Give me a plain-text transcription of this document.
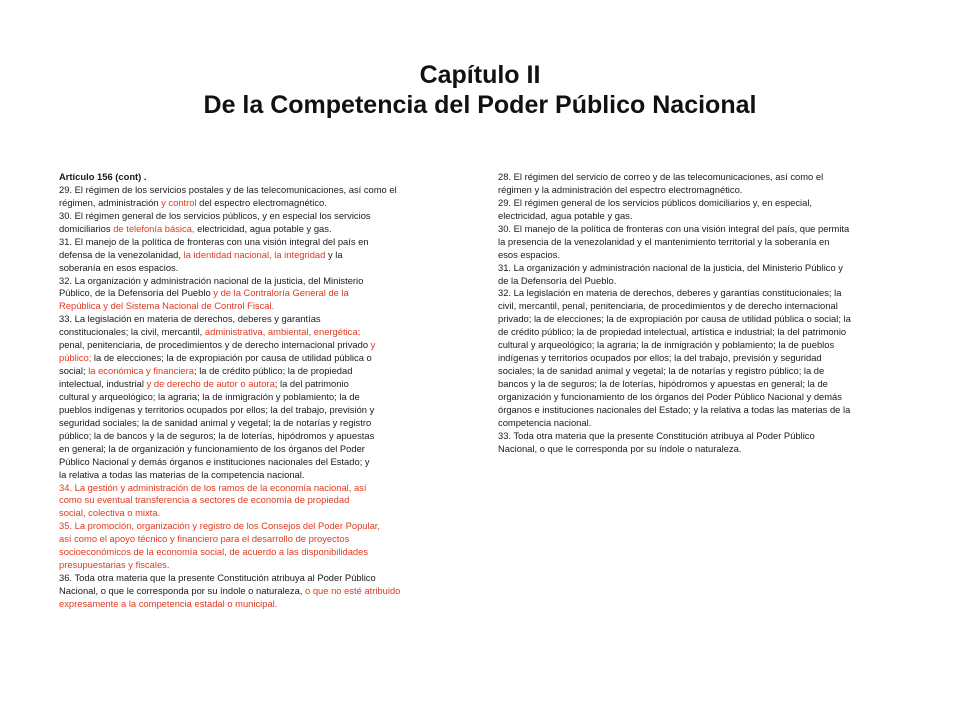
Capítulo II
De la Competencia del Poder Público Nacional
Artículo 156 (cont) .
29. El régimen de los servicios postales y de las telecomunicaciones, así como el
régimen, administración y control del espectro electromagnético.
30. El régimen general de los servicios públicos, y en especial los servicios
domiciliarios de telefonía básica, electricidad, agua potable y gas.
31. El manejo de la política de fronteras con una visión integral del país en
defensa de la venezolanidad, la identidad nacional, la integridad y la
soberanía en esos espacios.
32. La organización y administración nacional de la justicia, del Ministerio
Público, de la Defensoría del Pueblo y de la Contraloría General de la
República y del Sistema Nacional de Control Fiscal.
33. La legislación en materia de derechos, deberes y garantías
constitucionales; la civil, mercantil, administrativa, ambiental, energética;
penal, penitenciaria, de procedimientos y de derecho internacional privado y
público; la de elecciones; la de expropiación por causa de utilidad pública o
social; la económica y financiera; la de crédito público; la de propiedad
intelectual, industrial y de derecho de autor o autora; la del patrimonio
cultural y arqueológico; la agraria; la de inmigración y poblamiento; la de
pueblos indígenas y territorios ocupados por ellos; la del trabajo, previsión y
seguridad sociales; la de sanidad animal y vegetal; la de notarías y registro
público; la de bancos y la de seguros; la de loterías, hipódromos y apuestas
en general; la de organización y funcionamiento de los órganos del Poder
Público Nacional y demás órganos e instituciones nacionales del Estado; y
la relativa a todas las materias de la competencia nacional.
34. La gestión y administración de los ramos de la economía nacional, así
como su eventual transferencia a sectores de economía de propiedad
social, colectiva o mixta.
35. La promoción, organización y registro de los Consejos del Poder Popular,
así como el apoyo técnico y financiero para el desarrollo de proyectos
socioeconómicos de la economía social, de acuerdo a las disponibilidades
presupuestarias y fiscales.
36. Toda otra materia que la presente Constitución atribuya al Poder Público
Nacional, o que le corresponda por su índole o naturaleza, o que no esté atribuido
expresamente a la competencia estadal o municipal.
28. El régimen del servicio de correo y de las telecomunicaciones, así como el
régimen y la administración del espectro electromagnético.
29. El régimen general de los servicios públicos domiciliarios y, en especial,
electricidad, agua potable y gas.
30. El manejo de la política de fronteras con una visión integral del país, que permita
la presencia de la venezolanidad y el mantenimiento territorial y la soberanía en
esos espacios.
31. La organización y administración nacional de la justicia, del Ministerio Público y
de la Defensoría del Pueblo.
32. La legislación en materia de derechos, deberes y garantías constitucionales; la
civil, mercantil, penal, penitenciaria, de procedimientos y de derecho internacional
privado; la de elecciones; la de expropiación por causa de utilidad pública o social; la
de crédito público; la de propiedad intelectual, artística e industrial; la del patrimonio
cultural y arqueológico; la agraria; la de inmigración y poblamiento; la de pueblos
indígenas y territorios ocupados por ellos; la del trabajo, previsión y seguridad
sociales; la de sanidad animal y vegetal; la de notarías y registro público; la de
bancos y la de seguros; la de loterías, hipódromos y apuestas en general; la de
organización y funcionamiento de los órganos del Poder Público Nacional y demás
órganos e instituciones nacionales del Estado; y la relativa a todas las materias de la
competencia nacional.
33. Toda otra materia que la presente Constitución atribuya al Poder Público
Nacional, o que le corresponda por su índole o naturaleza.
